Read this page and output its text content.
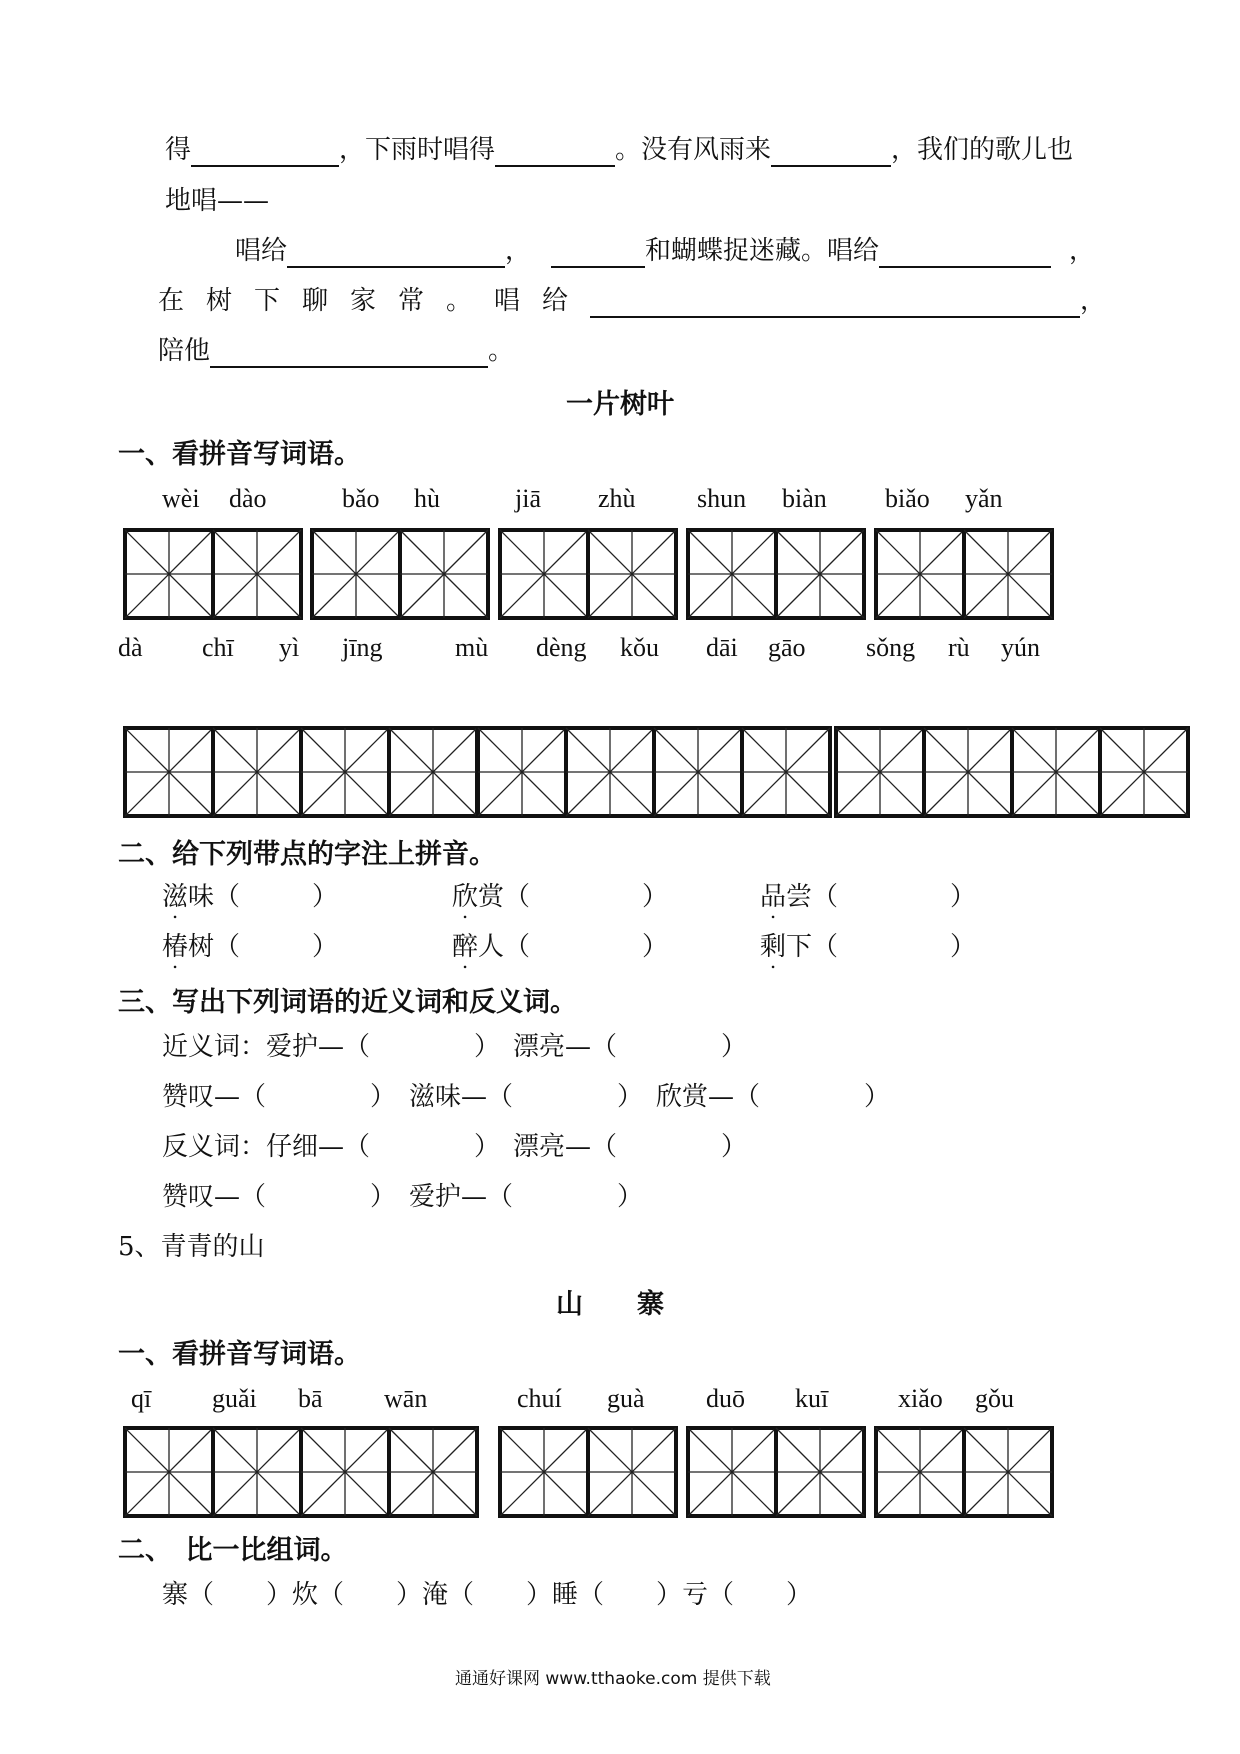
得	，下雨时唱得	。没有风雨来	，我们的歌儿也
地唱——
唱给	，	和蝴蝶捉迷藏。唱给	，
在树下聊家常。唱给	，
陪他	。
一片树叶
一、看拼音写词语。
wèi dào	bǎo hù	jiā zhù shun biàn biǎo yǎn
dà chī yì jīng	mù dèng kǒu dāi gāo sǒng rù yún
二、给下列带点的字注上拼音。
滋味（	）	欣赏（	）	品尝（	）
椿树（	）	醉人（	）	剩下（	）
三、写出下列词语的近义词和反义词。
近义词：爱护—（　　　　）　漂亮—（　　　　）
赞叹—（　　　　）　滋味—（　　　　）　欣赏—（　　　　）
反义词：仔细—（　　　　）　漂亮—（　　　　）
赞叹—（　　　　）　爱护—（　　　　）
5、青青的山
山　　寨
一、看拼音写词语。
qī guǎi bā wān	chuí guà duō kuī	xiǎo gǒu
二、　比一比组词。
寨（　　）炊（　　）淹（　　）睡（　　）亏（　　）
通通好课网 www.tthaoke.com 提供下载
